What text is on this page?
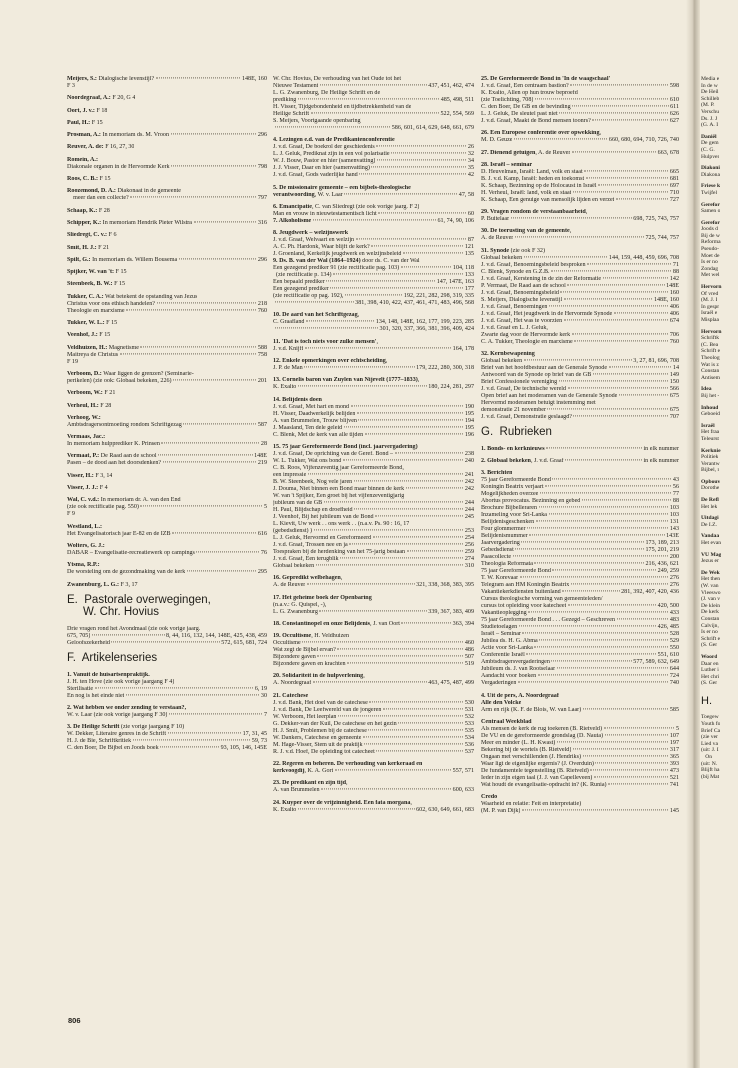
Meijers, S.: Dialogische levenstijl?	148E, 160
F 3
Noordegraaf, A.: F 20, G 4
Oort, J. v.: F 18
Paul, H.: F 15
Prosman, A.: In memoriam ds. M. Vroon	296
Reuver, A. de: F 16, 27, 30
Romein, A.:
Diakonale organen in de Hervormde Kerk	798
Roos, C. B.: F 15
Roozemond, D. A.: Diakonaat in de gemeente
meer dan een collecte?	797
Schaap, K.: F 28
Schipper, K.: In memoriam Hendrik Pieter Wilstra	316
Sliedregt, C. v.: F 6
Smit, H. J.: F 21
Spilt, G.: In memoriam ds. Willem Bousema	296
Spijker, W. van 't: F 15
Steenbeek, B. W.: F 15
Tukker, C. A.: Wat betekent de opstanding van Jezus
Christus voor ons ethisch handelen?	218
Theologie en marxisme	760
Tukker, W. L.: F 15
Veenhof, J.: F 15
Veldhuizen, H.: Magnetisme	588
Maitreya de Christus	758
F 19
Verboom, D.: Waar liggen de grenzen? (Seminarie-
perikelen) (zie ook: Globaal bekeken, 226)	201
Verboom, W.: F 21
Verheul, H.: F 28
Verhoog, W.:
Ambtsdragersontmoeting rondom Schriftgezag	587
Vermaas, Jac.:
In memoriam hulpprediker K. Prinsen	28
Vermaat, P.: De Raad aan de school	148E
Pasen – de dood aan het doorsdenken?	219
Visser, H.: F 3, 14
Visser, J. J.: F 4
Wal, C. v.d.: In memoriam dr. A. van den End
(zie ook rectificatie pag. 550)	5
F 9
Westland, L.:
Het Evangelisatorisch jaar E-82 en de IZB	616
Wolters, G. J.:
DABAR – Evangelisatie-recreatiewerk op campings	76
Ytsma, R.P.:
De worsteling om de gezondmaking van de kerk	295
Zwanenburg, L. G.: F 3, 17
E.  Pastorale overwegingen,
W. Chr. Hovius
Drie vragen rond het Avondmaal (zie ook vorige jaarg.
675, 705)	8, 44, 116, 132, 144, 148E, 425, 438, 459
Geloofszekerheid	572, 615, 681, 724
F.  Artikelenseries
1. Vanuit de huisartsenpraktijk.
J. H. ten Hove (zie ook vorige jaargang F 4)
Sterilisatie	6, 19
En nog is het einde niet	30
2. Wat hebben we onder zending te verstaan?,
W. v. Laar (zie ook vorige jaargang F 30)	7
3. De Heilige Schrift (zie vorige jaargang F 10)
W. Dekker, Literaire genres in de Schrift	17, 31, 45
H. J. de Bie, Schriftkritiek	59, 73
C. den Boer, De Bijbel en Joods boek	93, 105, 146, 145E
W. Chr. Hovius, De verhouding van het Oude tot het
Nieuwe Testament	437, 451, 462, 474
L. G. Zwanenburg, De Heilige Schrift en de
prediking	485, 498, 511
H. Visser, Tijdgebondenheid en tijdbetrekkenheid van de
Heilige Schrift	522, 554, 569
S. Meijers, Voortgaande openbaring
586, 601, 614, 629, 648, 661, 679
4. Lezingen e.d. van de Predikantenconferentie
J. v.d. Graaf, De boekrol der geschiedenis	26
L. J. Geluk, Prediknat zijn in een vol polarisatie	32
W. J. Bouw, Pastor en hier (samenvatting)	34
J. J. Visser, Daar en hier (samenvatting)	35
J. v.d. Graaf, Gods vaderlijke hand	42
5. De missionaire gemeente – een bijbels-theologische
verantwoording, W. v. Laar	47, 58
6. Emancipatie, C. van Sliedregt (zie ook vorige jaarg. F 2)
Man en vrouw in nieuwtestamentisch licht	60
7. Alkoholisme	61, 74, 90, 106
8. Jeugdwerk – welzijnswerk
J. v.d. Graaf, Welvaart en welzijn	87
A. C. Ph. Hardonk, Waar blijft de kerk?	121
J. Groenland, Kerkelijk jeugdwerk en welzijnsbeleid	135
9. Ds. B. van der Wal (1864–1924) door ds. C. van der Wal
Een gezegend prediker 91 (zie rectificatie pag. 103)	104, 118
(zie rectificatie p. 134)	133
Een bepaald prediker	147, 147E, 163
Een gezegend prediker	177
(zie rectificatie op pag. 192),	192, 221, 282, 298, 319, 335
381, 398, 410, 422, 437, 461, 471, 483, 496, 568
10. De aard van het Schriftgezag,
C. Graafland	134, 148, 148E, 162, 177, 199, 223, 285
301, 320, 337, 366, 381, 396, 409, 424
11. 'Dat is toch niets voor zulke mensen',
J. v.d. Knijff	164, 178
12. Enkele opmerkingen over echtscheiding,
J. P. de Man	179, 222, 280, 300, 318
13. Cornelis baron van Zuylen van Nijevelt (1777–1833),
K. Exalto	180, 224, 281, 297
14. Belijdenis doen
J. v.d. Graaf, Met hart en mond	190
H. Visser, Daadwerkelijk belijden	195
A. van Brummelen, Trouw blijven	194
J. Maasland, Ten dele geleid	195
C. Blenk, Met de kerk van alle tijden	196
15. 75 jaar Gereformeerde Bond (incl. jaarvergadering)
J. v.d. Graaf, De oprichting van de Geref. Bond –	238
W. L. Tukker, Wat ons bond	240
C. B. Roos, Vijfenzeventig jaar Gereformeerde Bond,
een impressie	241
B. W. Steenbeek, Nog vele jaren	242
J. Douma, Niet binnen een Bond maar binnen de kerk	242
W. van 't Spijker, Een groet bij het vijfenzeventigjarig
jubileum van de GB	244
H. Paul, Blijdschap en droefheid	244
J. Veenhof, Bij het jubileum van de Bond	245
L. Kievit, Uw werk . . ons werk . . (n.a.v. Ps. 90 : 16, 17
(gebedsdienst) )	253
L. J. Geluk, Hervormd en Gereformeerd	254
J. v.d. Graaf, Trossen nee en ja	256
Toespraken bij de herdenking van het 75-jarig bestaan	259
J. v.d. Graaf, Een terugblik	274
Globaal bekeken	310
16. Gepredikt welbehagen,
A. de Reuver	321, 338, 368, 383, 395
17. Het geheime boek der Openbaring
(n.a.v.: G. Quispel, -),
L. G. Zwanenburg	339, 367, 383, 409
18. Constantinopel en onze Belijdenis, J. van Oort	363, 394
19. Occultisme, H. Veldhuizen
Occultisme	460
Wat zegt de Bijbel ervan?	486
Bijzondere gaven	507
Bijzondere gaven en krachten	519
20. Solidariteit in de hulpverlening,
A. Noordegraaf	463, 475, 487, 499
21. Catechese
J. v.d. Bank, Het doel van de catechese	530
J. v.d. Bank, De Leefwereld van de jongeren	531
W. Verboom, Het leerplan	532
G. Dekker-van der Kuil, De catechese en het gezin	533
H. J. Smit, Problemen bij de catechese	535
W. Dankers, Catechese en gemeente	534
M. Hage-Visser, Stem uit de praktijk	536
R. J. v.d. Hoef, De opleiding tot catecheet	537
22. Regeren en beheren. De verhouding van kerkeraad en
kerkvoogdij, K. A. Gort	557, 571
23. De predikant en zijn tijd,
A. van Brummelen	600, 633
24. Kuyper over de vrijzinnigheid. Een fata morgana,
K. Exalto	602, 630, 649, 661, 683
25. De Gereformeerde Bond in 'In de waagschaal'
J. v.d. Graaf, Een centraam bastion?	598
K. Exalto, Allen op hun trouw beproefd
(zie Toelichting, 708)	610
C. den Boer, De GB en de bevinding	611
L. J. Geluk, De sleutel past niet	626
J. v.d. Graaf, Maakt de Bond mensen toonrs?	627
26. Een Europese conferentie over opwekking,
M. D. Geuze	660, 680, 694, 710, 726, 740
27. Dienend getuigen, A. de Reuver	663, 678
28. Israël – seminar
D. Heuvelman, Israël: Land, volk en staat	665
B. J. v.d. Kamp, Israël: heden en toekomst	681
K. Schaap, Bezinning op de Holocaust in Israël	697
H. Verheul, Israël: land, volk en staat	710
K. Schaap, Een genuige van mensolijk lijden en verzet	727
29. Vragen rondom de verstaanbaarheid,
P. Buitelaar	698, 725, 743, 757
30. De toerusting van de gemeente,
A. de Reuver	725, 744, 757
31. Synode (zie ook F 32)
Globaal bekeken	144, 159, 448, 459, 696, 708
J. v.d. Graaf, Benoemingsbeleid besproken	71
C. Blenk, Synode en G.Z.B.	88
J. v.d. Graaf, Kerstening in de zin der Reformatie	142
P. Vermaat, De Raad aan de school	148E
J. v.d. Graaf, Benoemingsbeleid	160
S. Meijers, Dialogische levenstijl	148E, 160
J. v.d. Graaf, Benoemingen	406
J. v.d. Graaf, Het jeugdwerk in de Hervormde Synode	406
J. v.d. Graaf, Het was te voorzien	674
J. v.d. Graaf en L. J. Geluk,
Zwarte dag voor de Hervormde kerk	706
C. A. Tukker, Theologie en marxisme	760
32. Kernbewapening
Globaal bekeken	3, 27, 81, 696, 708
Brief van het hoofdbestuur aan de Generale Synode	14
Antwoord van de Synode op brief van de GB	149
Brief Confessionele vereniging	150
J. v.d. Graaf, De technische wereld	566
Open brief aan het moderamen van de Generale Synode	675
Hervormd moderamen betuigt instemming met
demonstratie 21 november	675
J. v.d. Graaf, Demonstratie geslaagd?	707
G.  Rubrieken
1. Bonds- en kerknieuws	in elk nummer
2. Globaal bekeken, J. v.d. Graaf	in elk nummer
3. Berichten
75 jaar Gereformeerde Bond	43
Koningin Beatrix verjaart	56
Mogelijkheden overzee	77
Abortus provocatus. Bezinning en gebed	88
Brochure Bijbelleraren	103
Inzameling voor Sri-Lanka	103
Belijdenisgeschenken	131
Four glommermer	143
Belijdenismummer	143E
Jaarvergadering	173, 189, 213
Gebedsdienst	175, 201, 219
Paascollecte	200
Theologia Reformata	216, 436, 621
75 jaar Gereformeerde Bond	249, 259
T. W. Korevaar	276
Telegram aan HM Koningin Beatrix	276
Vakantiekerkdiensten buitenland	281, 392, 407, 420, 436
Cursus theologische vorming van gemeenteleden/
cursus tot opleiding voor katecheet	420, 500
Vakantieoplegging	433
75 jaar Gereformeerde Bond . . . Gezegd – Geschreven	483
Studietoelagen	426, 485
Israël – Seminar	528
Jubilea ds. H. G. Abma	529
Actie voor Sri-Lanka	550
Conferentie Israël	551, 610
Ambtsdragersvergaderingen	577, 589, 632, 649
Jubileum ds. J. van Rootselaar	644
Aandacht voor boeken	724
Vergaderingen	740
4. Uit de pers, A. Noordegraaf
Alle den Volcke
Arm en rijk (K. F. de Blois, W. van Laar)	585
Centraal Weekblad
Als mensen de kerk de rug toekeren (B. Rietveld)	5
De VU en de gereformeerde grondslag (D. Nauta)	107
Meer en minder (L. H. Kwast)	197
Bekering bij de wortels (B. Rietveld)	317
Ongaan met verschillenden (J. Hendriks)	365
Waar ligt de eigenlijke ergernis? (J. Overduin)	393
De fundamentele tegenstelling (B. Rietveld)	473
Ieder in zijn eigen taal (J. J. van Capelleveen)	521
Wat houdt de evangelisatie-opdracht in? (K. Runia)	741
Credo
Waarheid en relatie: Feit en interpretatie)
(M. P. van Dijk)	145
Media e
In de w
De Heil
Schilleb
(M. P.
Verschu
Ds. J. J
(G. A. I
Daniël
De gem
(C. G.
Hulpver
Diakoni
Diakona
Friese k
Twijfel
Gerefor
Samen o
Gerefor
Joods d
Bij de w
Reforma
Pseudo-
Moet de
Is er no
Zondag
Met wel
Hervorn
Of vred
(M. J. I
In gespr
Israël e
Misplaa
Hervorn
Schriftk
(C. Bea
Schrift e
Theolog
Wat is z
Constan
Antisem
Idea
Bij het -
Inhoud
Geboeid
Israël
Het fraa
Teleurst
Kerknie
Politiek
Verantw
Bijbel, r
Opbouv
Dorothe
De Refl
Het lek
Uitdagi
De I.Z.
Vandaa
Het evan
VU Mag
Jezus er
De Wek
Het then
(W. van
Vleeswo
(J. van v
De klein
De kerk
Constan
Calvijn,
Is er no
Schrift e
(S. Ger
Woord
Daar en
Luther i
Het chri
(S. Ger
H.
Toegew
Youth fo
Brief Ca
(zie ver
Lied va
(uit: J. I
On
(uit: N.
Blijft ha
(bij Mat
806
